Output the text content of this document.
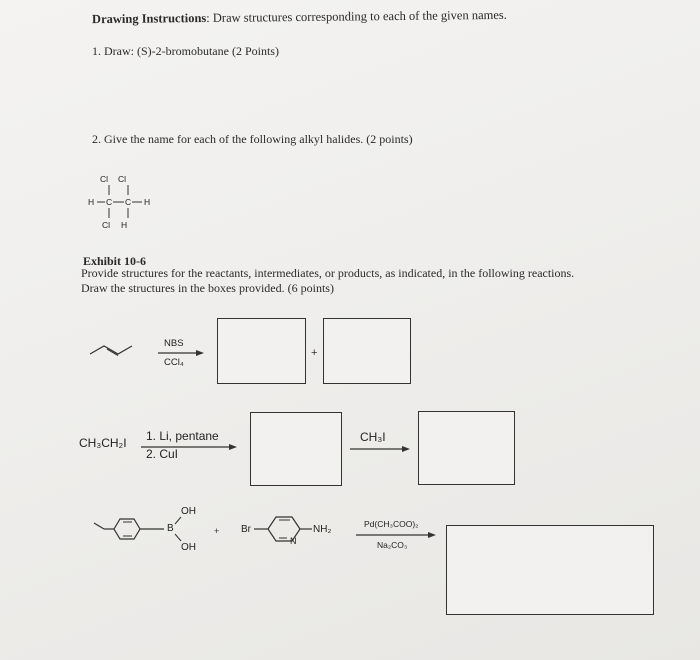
Drawing Instructions: Draw structures corresponding to each of the given names.
1. Draw: (S)-2-bromobutane (2 Points)
2. Give the name for each of the following alkyl halides. (2 points)
Cl Cl
H C C H
Cl H
Exhibit 10-6
Provide structures for the reactants, intermediates, or products, as indicated, in the following reactions.
Draw the structures in the boxes provided. (6 points)
NBS
CCl₄
+
CH₃CH₂I 1. Li, pentane
2. CuI
CH₃I
OH
B
OH
+ Br	NH₂
N
Pd(CH₃COO)₂
Na₂CO₃
